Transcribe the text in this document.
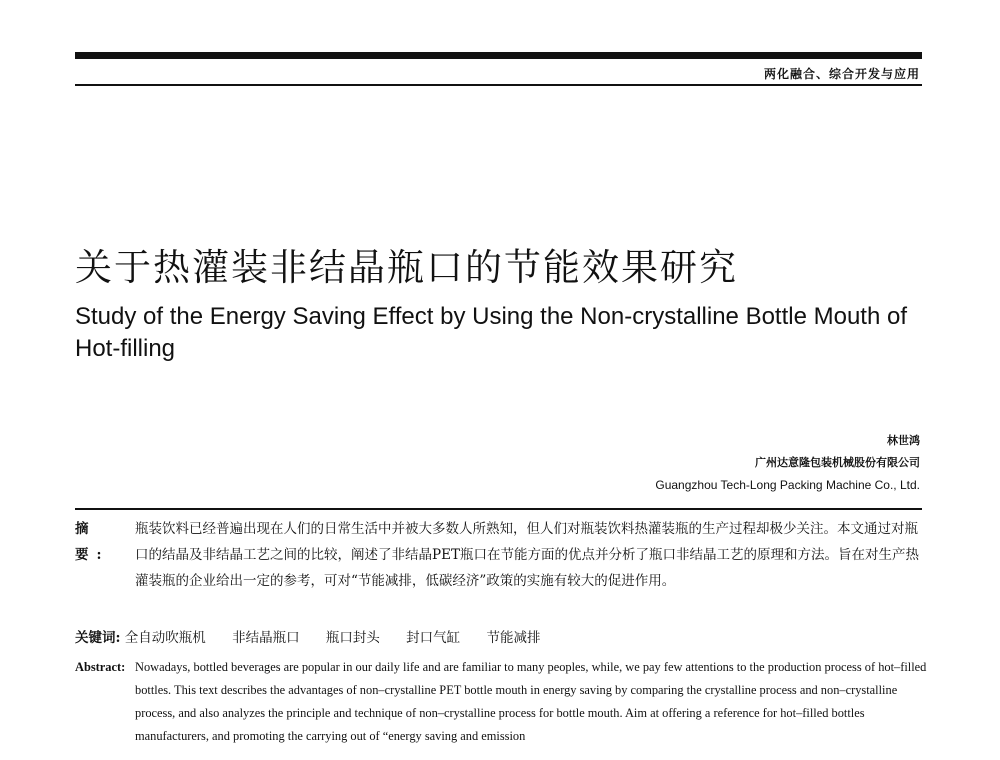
两化融合、综合开发与应用
关于热灌装非结晶瓶口的节能效果研究
Study of the Energy Saving Effect by Using the Non-crystalline Bottle Mouth of Hot-filling
林世鸿
广州达意隆包装机械股份有限公司
Guangzhou Tech-Long Packing Machine Co., Ltd.
摘　要:
瓶装饮料已经普遍出现在人们的日常生活中并被大多数人所熟知，但人们对瓶装饮料热灌装瓶的生产过程却极少关注。本文通过对瓶口的结晶及非结晶工艺之间的比较，阐述了非结晶PET瓶口在节能方面的优点并分析了瓶口非结晶工艺的原理和方法。旨在对生产热灌装瓶的企业给出一定的参考，可对“节能减排，低碳经济”政策的实施有较大的促进作用。
关键词: 全自动吹瓶机 非结晶瓶口 瓶口封头 封口气缸 节能减排
Abstract: Nowadays, bottled beverages are popular in our daily life and are familiar to many peoples, while, we pay few attentions to the production process of hot–filled bottles. This text describes the advantages of non–crystalline PET bottle mouth in energy saving by comparing the crystalline process and non–crystalline process, and also analyzes the principle and technique of non–crystalline process for bottle mouth. Aim at offering a reference for hot–filled bottles manufacturers, and promoting the carrying out of “energy saving and emission
